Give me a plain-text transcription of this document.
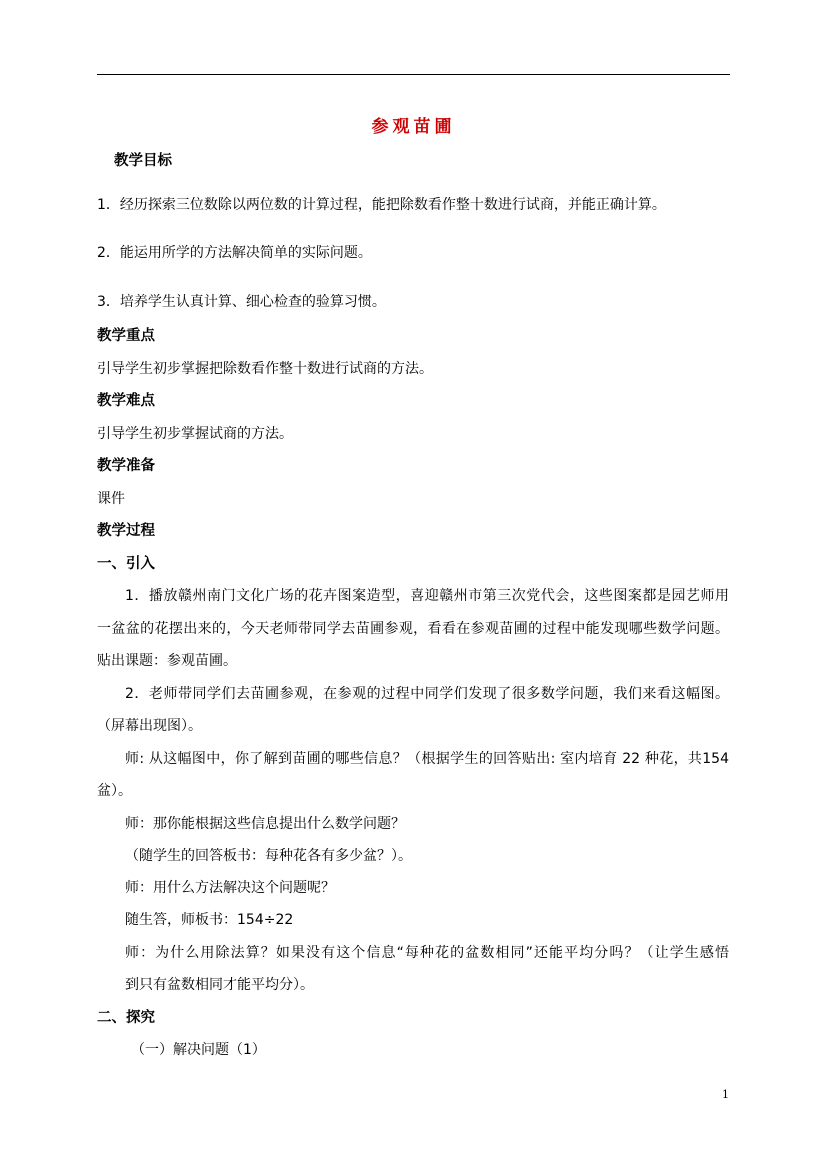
参观苗圃
教学目标
1．经历探索三位数除以两位数的计算过程，能把除数看作整十数进行试商，并能正确计算。
2．能运用所学的方法解决简单的实际问题。
3．培养学生认真计算、细心检查的验算习惯。
教学重点
引导学生初步掌握把除数看作整十数进行试商的方法。
教学难点
引导学生初步掌握试商的方法。
教学准备
课件
教学过程
一、引入
1．播放赣州南门文化广场的花卉图案造型，喜迎赣州市第三次党代会，这些图案都是园艺师用
一盆盆的花摆出来的，今天老师带同学去苗圃参观，看看在参观苗圃的过程中能发现哪些数学问题。
贴出课题：参观苗圃。
2．老师带同学们去苗圃参观，在参观的过程中同学们发现了很多数学问题，我们来看这幅图。
（屏幕出现图）。
师: 从这幅图中，你了解到苗圃的哪些信息？（根据学生的回答贴出: 室内培育 22 种花，共154
盆）。
师：那你能根据这些信息提出什么数学问题？
（随学生的回答板书：每种花各有多少盆？）。
师：用什么方法解决这个问题呢？
随生答，师板书：154÷22
师：为什么用除法算？如果没有这个信息“每种花的盆数相同”还能平均分吗？（让学生感悟
到只有盆数相同才能平均分）。
二、探究
（一）解决问题（1）
1
